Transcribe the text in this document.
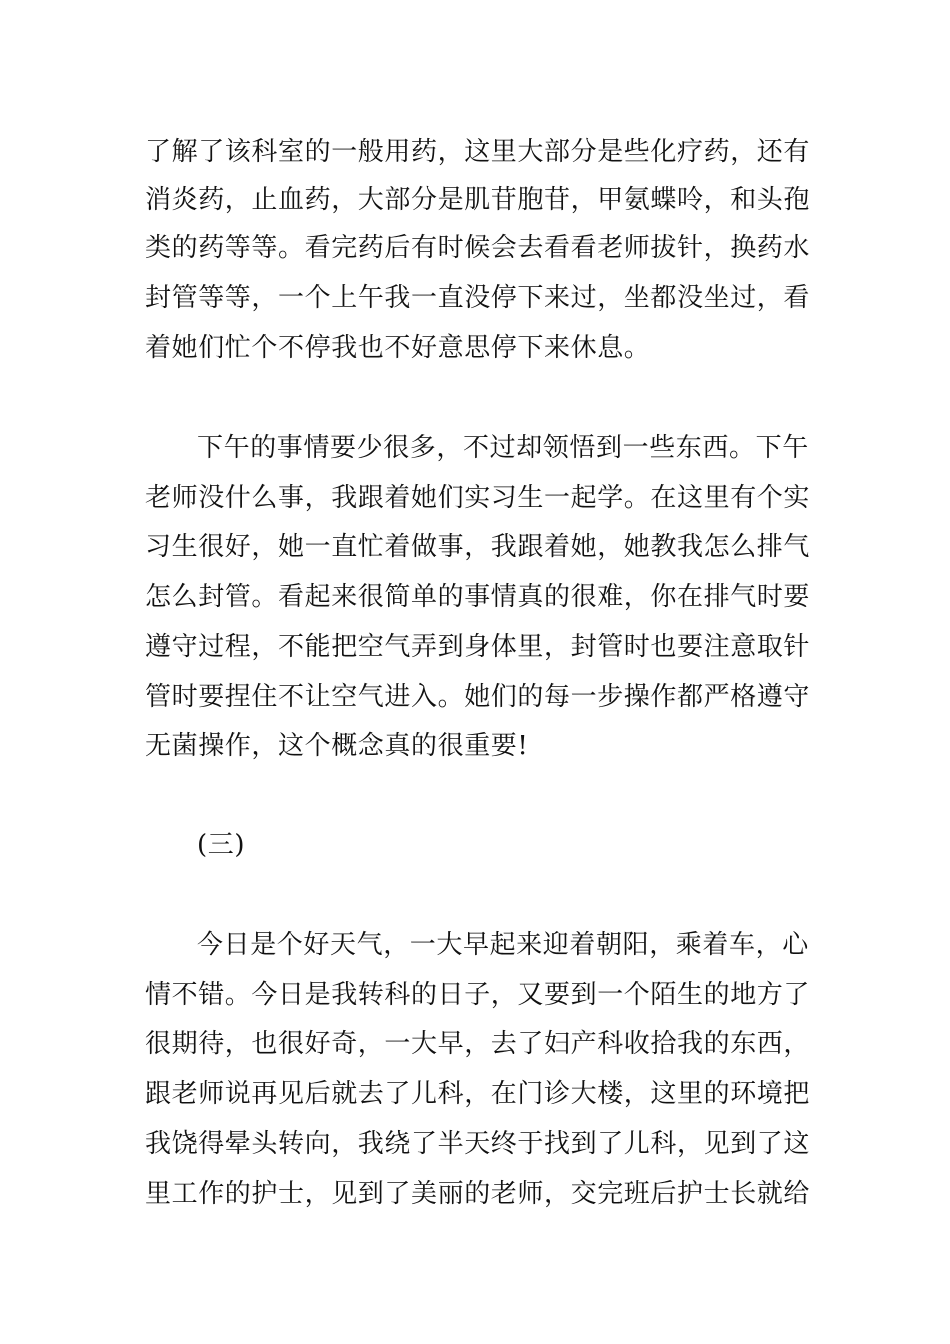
了解了该科室的一般用药，这里大部分是些化疗药，还有
消炎药，止血药，大部分是肌苷胞苷，甲氨蝶呤，和头孢
类的药等等。看完药后有时候会去看看老师拔针，换药水
封管等等，一个上午我一直没停下来过，坐都没坐过，看
着她们忙个不停我也不好意思停下来休息。
下午的事情要少很多，不过却领悟到一些东西。下午
老师没什么事，我跟着她们实习生一起学。在这里有个实
习生很好，她一直忙着做事，我跟着她，她教我怎么排气
怎么封管。看起来很简单的事情真的很难，你在排气时要
遵守过程，不能把空气弄到身体里，封管时也要注意取针
管时要捏住不让空气进入。她们的每一步操作都严格遵守
无菌操作，这个概念真的很重要!
(三)
今日是个好天气，一大早起来迎着朝阳，乘着车，心
情不错。今日是我转科的日子，又要到一个陌生的地方了
很期待，也很好奇，一大早，去了妇产科收拾我的东西，
跟老师说再见后就去了儿科，在门诊大楼，这里的环境把
我饶得晕头转向，我绕了半天终于找到了儿科，见到了这
里工作的护士，见到了美丽的老师，交完班后护士长就给
